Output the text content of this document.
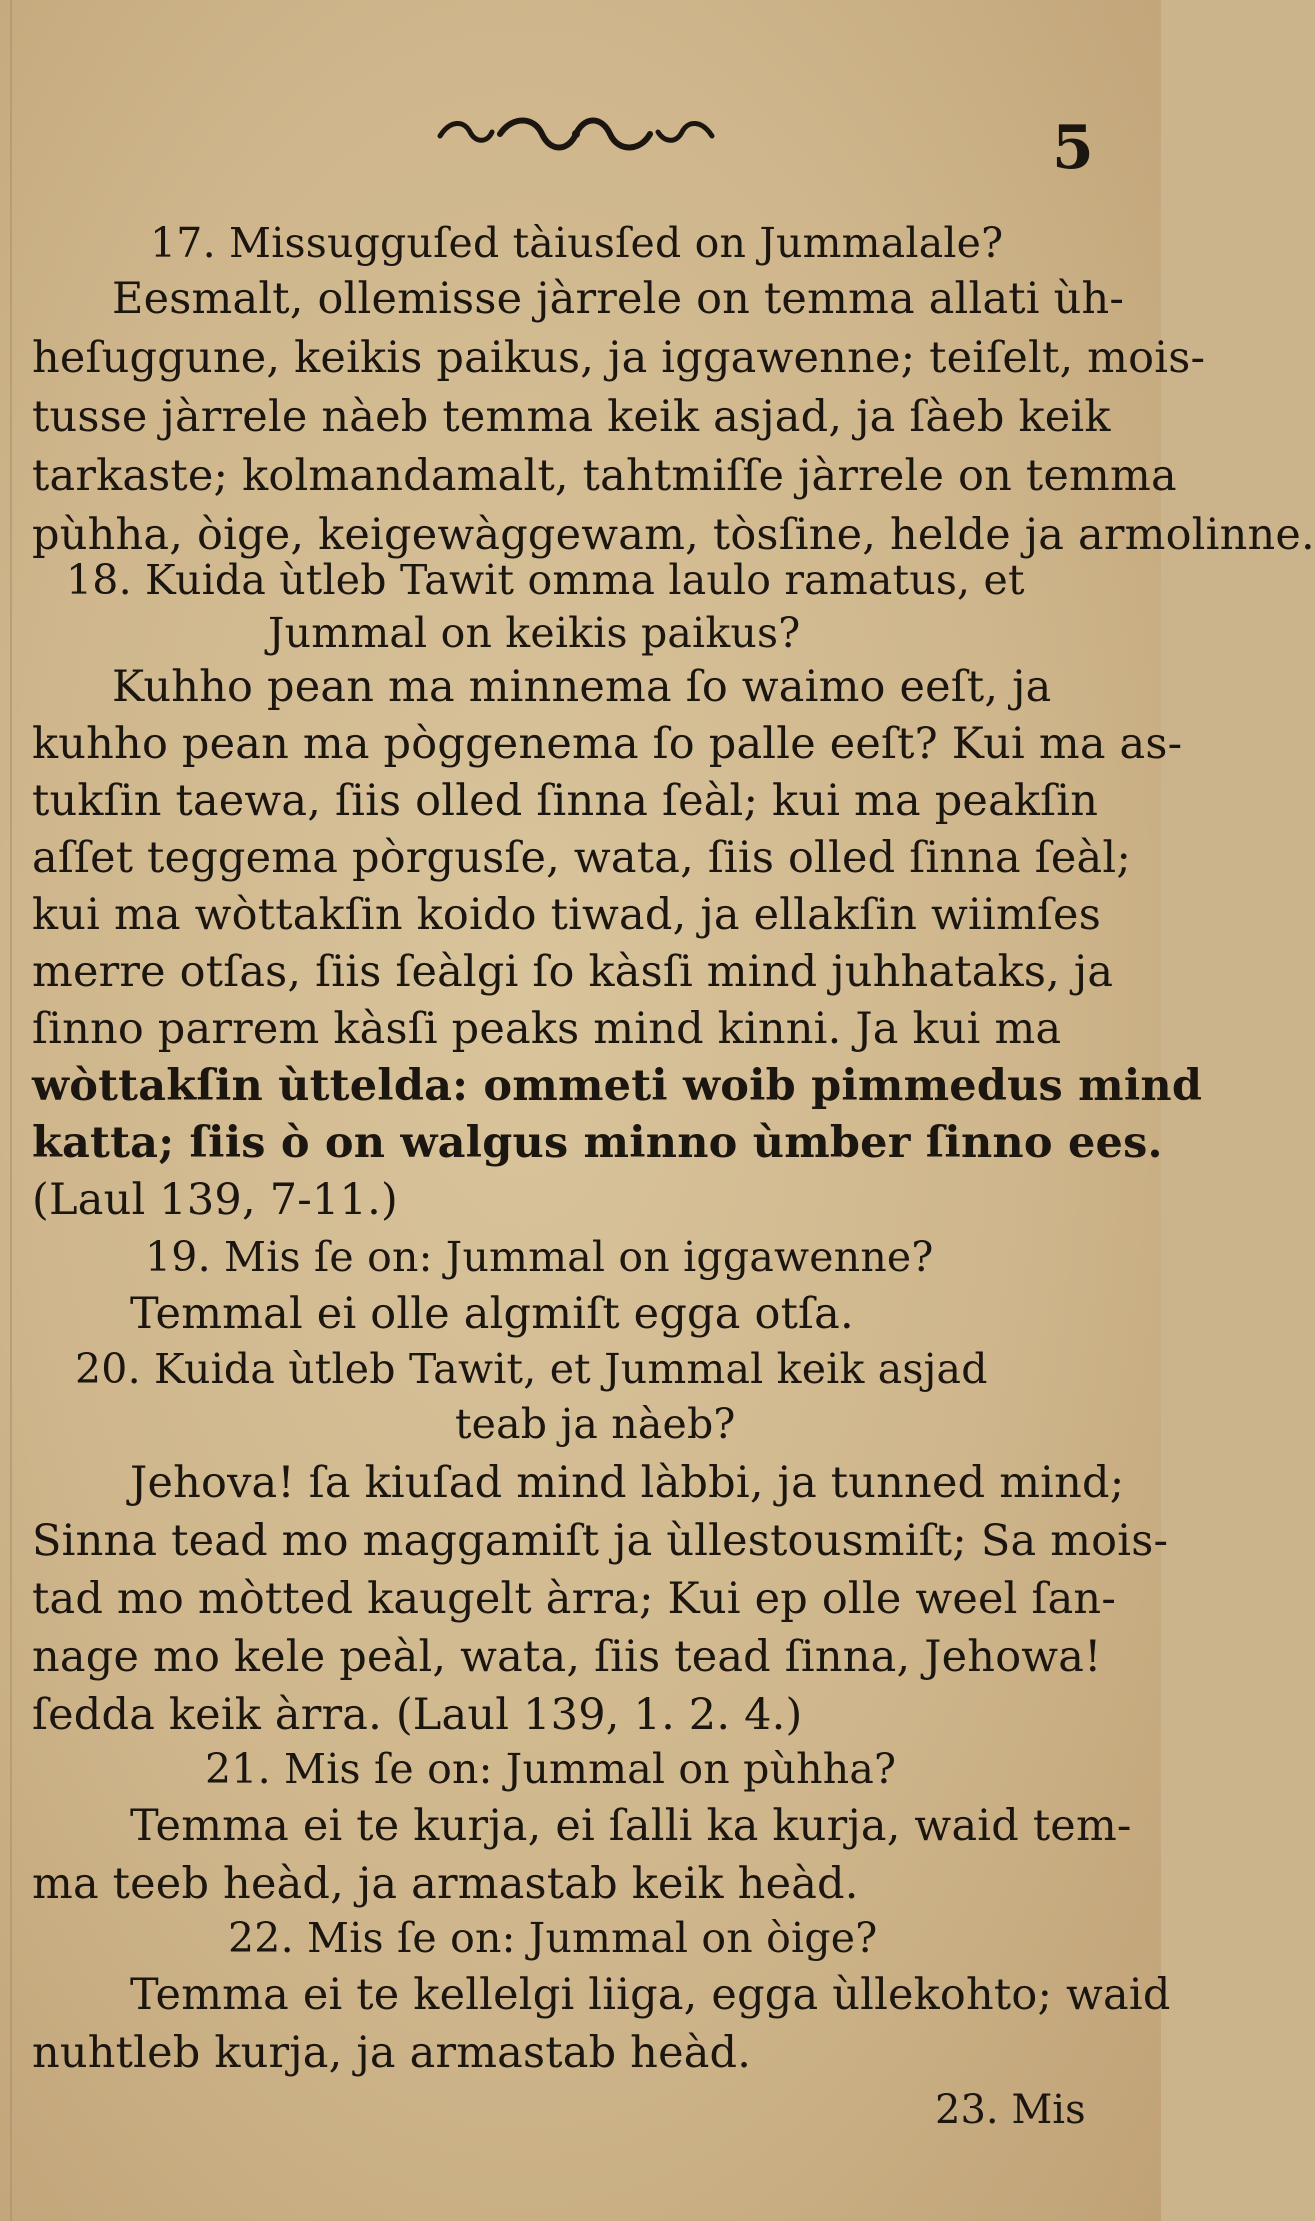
5
17. Missugguſed tàiusſed on Jummalale?
Eesmalt, ollemisse jàrrele on temma allati ùh-
heſuggune, keikis paikus, ja iggawenne; teiſelt, mois-
tusse jàrrele nàeb temma keik asjad, ja ſàeb keik
tarkaste; kolmandamalt, tahtmiſſe jàrrele on temma
pùhha, òige, keigewàggewam, tòsſine, helde ja armolinne.
18. Kuida ùtleb Tawit omma laulo ramatus, et
Jummal on keikis paikus?
Kuhho pean ma minnema ſo waimo eeſt, ja
kuhho pean ma pòggenema ſo palle eeſt? Kui ma as-
tukſin taewa, ſiis olled ſinna ſeàl; kui ma peakſin
aſſet teggema pòrgusſe, wata, ſiis olled ſinna ſeàl;
kui ma wòttakſin koido tiwad, ja ellakſin wiimſes
merre otſas, ſiis ſeàlgi ſo kàsſi mind juhhataks, ja
ſinno parrem kàsſi peaks mind kinni. Ja kui ma
wòttakſin ùtteldа: ommeti woib pimmedus mind
katta; ſiis ò on walgus minno ùmber ſinno ees.
(Laul 139, 7-11.)
19. Mis ſe on: Jummal on iggawenne?
Temmal ei olle algmiſt egga otſa.
20. Kuida ùtleb Tawit, et Jummal keik asjad
teab ja nàeb?
Jehova! ſa kiuſad mind làbbi, ja tunned mind;
Sinna tead mo maggamiſt ja ùllestousmiſt; Sa mois-
tad mo mòtted kaugelt àrra; Kui ep olle weel ſan-
nage mo kele peàl, wata, ſiis tead ſinna, Jehowa!
ſedda keik àrra. (Laul 139, 1. 2. 4.)
21. Mis ſe on: Jummal on pùhha?
Temma ei te kurja, ei ſalli ka kurja, waid tem-
ma teeb heàd, ja armastab keik heàd.
22. Mis ſe on: Jummal on òige?
Temma ei te kellelgi liiga, egga ùllekohto; waid
nuhtleb kurja, ja armastab heàd.
23. Mis
